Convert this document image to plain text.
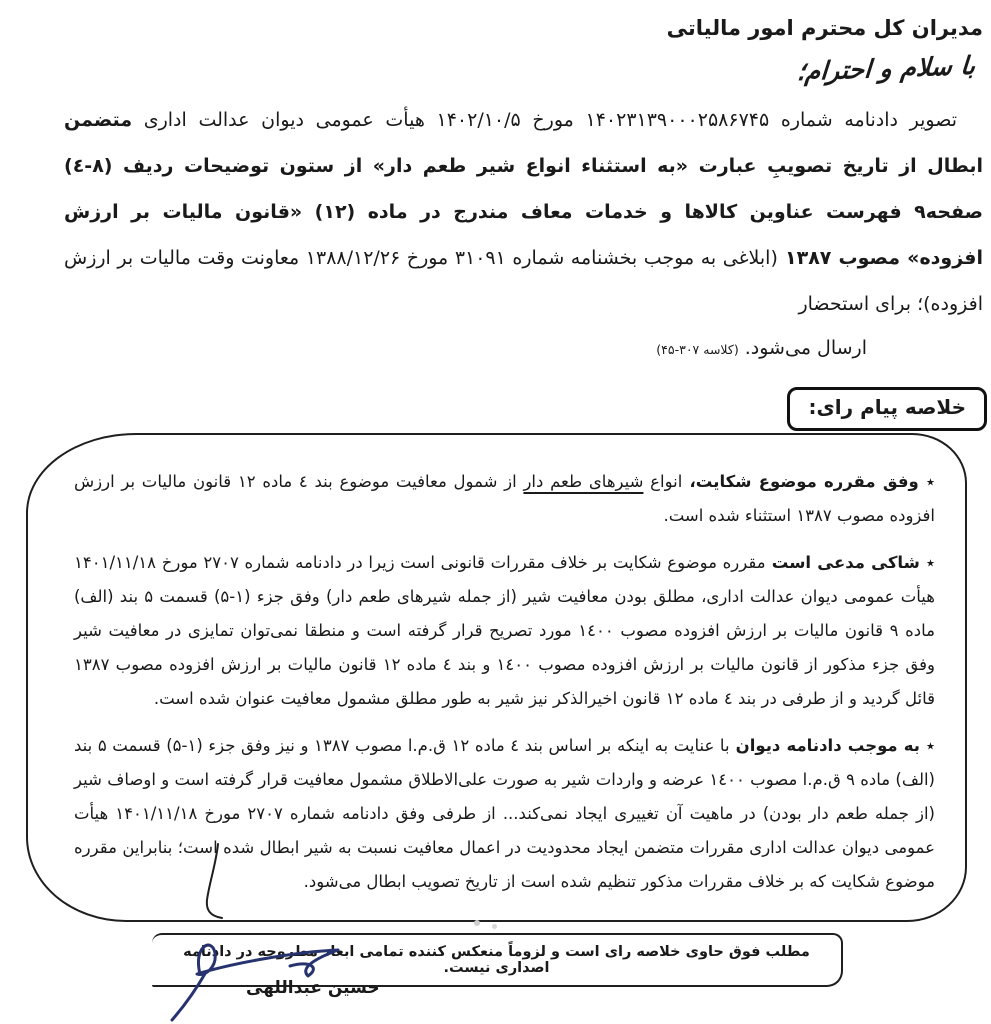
مدیران کل محترم امور مالیاتی
با سلام و احترام؛
تصویر دادنامه شماره ۱۴۰۲۳۱۳۹۰۰۰۲۵۸۶۷۴۵ مورخ ۱۴۰۲/۱۰/۵ هیأت عمومی دیوان عدالت اداری متضمن ابطال از تاریخ تصویبِ عبارت «به استثناء انواع شیر طعم دار» از ستون توضیحات ردیف (۸-٤) صفحه۹ فهرست عناوین کالاها و خدمات معاف مندرج در ماده (۱۲) «قانون مالیات بر ارزش افزوده» مصوب ۱۳۸۷ (ابلاغی به موجب بخشنامه شماره ۳۱۰۹۱ مورخ ۱۳۸۸/۱۲/۲۶ معاونت وقت مالیات بر ارزش افزوده)؛ برای استحضار
ارسال می‌شود. (کلاسه ۳۰۷-۴۵)
خلاصه پیام رای:
٭ وفق مقرره موضوع شکایت، انواع شیرهای طعم دار از شمول معافیت موضوع بند ٤ ماده ۱۲ قانون مالیات بر ارزش افزوده مصوب ۱۳۸۷ استثناء شده است.
٭ شاکی مدعی است مقرره موضوع شکایت بر خلاف مقررات قانونی است زیرا در دادنامه شماره ۲۷۰۷ مورخ ۱۴۰۱/۱۱/۱۸ هیأت عمومی دیوان عدالت اداری، مطلق بودن معافیت شیر (از جمله شیرهای طعم دار) وفق جزء (۱-۵) قسمت ۵ بند (الف) ماده ۹ قانون مالیات بر ارزش افزوده مصوب ۱٤۰۰ مورد تصریح قرار گرفته است و منطقا نمی‌توان تمایزی در معافیت شیر وفق جزء مذکور از قانون مالیات بر ارزش افزوده مصوب ۱٤۰۰ و بند ٤ ماده ۱۲ قانون مالیات بر ارزش افزوده مصوب ۱۳۸۷ قائل گردید و از طرفی در بند ٤ ماده ۱۲ قانون اخیرالذکر نیز شیر به طور مطلق مشمول معافیت عنوان شده است.
٭ به موجب دادنامه دیوان با عنایت به اینکه بر اساس بند ٤ ماده ۱۲ ق.م.ا مصوب ۱۳۸۷ و نیز وفق جزء (۱-۵) قسمت ۵ بند (الف) ماده ۹ ق.م.ا مصوب ۱٤۰۰ عرضه و واردات شیر به صورت علی‌الاطلاق مشمول معافیت قرار گرفته است و اوصاف شیر (از جمله طعم دار بودن) در ماهیت آن تغییری ایجاد نمی‌کند... از طرفی وفق دادنامه شماره ۲۷۰۷ مورخ ۱۴۰۱/۱۱/۱۸ هیأت عمومی دیوان عدالت اداری مقررات متضمن ایجاد محدودیت در اعمال معافیت نسبت به شیر ابطال شده است؛ بنابراین مقرره موضوع شکایت که بر خلاف مقررات مذکور تنظیم شده است از تاریخ تصویب ابطال می‌شود.
مطلب فوق حاوی خلاصه رای است و لزوماً منعکس کننده تمامی ابعاد مطروحه در دادنامه اصداری نیست.
حسین عبداللهی
